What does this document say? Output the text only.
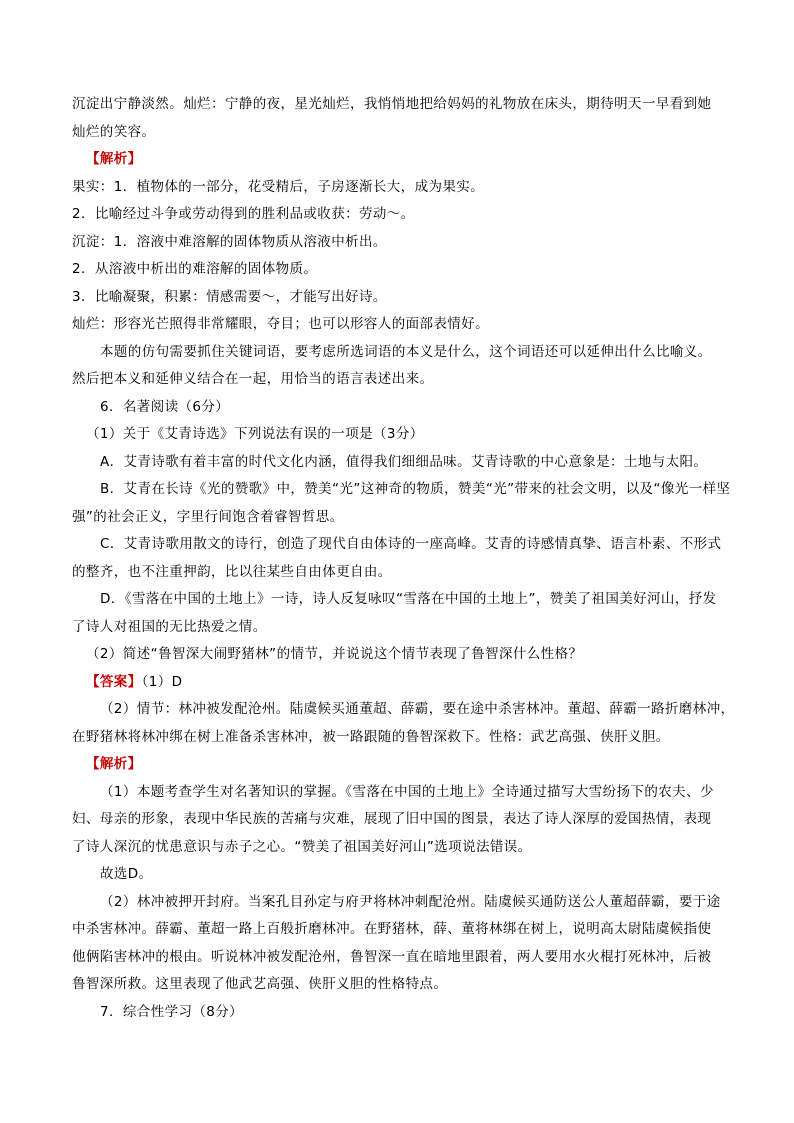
沉淀出宁静淡然。灿烂：宁静的夜，星光灿烂，我悄悄地把给妈妈的礼物放在床头，期待明天一早看到她

灿烂的笑容。

【解析】

果实：1．植物体的一部分，花受精后，子房逐渐长大，成为果实。

2．比喻经过斗争或劳动得到的胜利品或收获：劳动～。

沉淀：1．溶液中难溶解的固体物质从溶液中析出。

2．从溶液中析出的难溶解的固体物质。

3．比喻凝聚，积累：情感需要～，才能写出好诗。

灿烂：形容光芒照得非常耀眼，夺目；也可以形容人的面部表情好。

本题的仿句需要抓住关键词语，要考虑所选词语的本义是什么，这个词语还可以延伸出什么比喻义。

然后把本义和延伸义结合在一起，用恰当的语言表述出来。

6．名著阅读（6分）

（1）关于《艾青诗选》下列说法有误的一项是（3分）

A．艾青诗歌有着丰富的时代文化内涵，值得我们细细品味。艾青诗歌的中心意象是：土地与太阳。

B．艾青在长诗《光的赞歌》中，赞美“光”这神奇的物质，赞美“光”带来的社会文明，以及“像光一样坚

强”的社会正义，字里行间饱含着睿智哲思。

C．艾青诗歌用散文的诗行，创造了现代自由体诗的一座高峰。艾青的诗感情真挚、语言朴素、不形式

的整齐，也不注重押韵，比以往某些自由体更自由。

D．《雪落在中国的土地上》一诗，诗人反复咏叹“雪落在中国的土地上”，赞美了祖国美好河山，抒发

了诗人对祖国的无比热爱之情。

（2）简述“鲁智深大闹野猪林”的情节，并说说这个情节表现了鲁智深什么性格？

【答案】（1）D

（2）情节：林冲被发配沧州。陆虞候买通董超、薛霸，要在途中杀害林冲。董超、薛霸一路折磨林冲，

在野猪林将林冲绑在树上准备杀害林冲，被一路跟随的鲁智深救下。性格：武艺高强、侠肝义胆。

【解析】

（1）本题考查学生对名著知识的掌握。《雪落在中国的土地上》全诗通过描写大雪纷扬下的农夫、少

妇、母亲的形象，表现中华民族的苦痛与灾难，展现了旧中国的图景，表达了诗人深厚的爱国热情，表现

了诗人深沉的忧患意识与赤子之心。“赞美了祖国美好河山”选项说法错误。

故选D。

（2）林冲被押开封府。当案孔目孙定与府尹将林冲刺配沧州。陆虞候买通防送公人董超薛霸，要于途

中杀害林冲。薛霸、董超一路上百般折磨林冲。在野猪林，薛、董将林绑在树上，说明高太尉陆虞候指使

他俩陷害林冲的根由。听说林冲被发配沧州，鲁智深一直在暗地里跟着，两人要用水火棍打死林冲，后被

鲁智深所救。这里表现了他武艺高强、侠肝义胆的性格特点。

7．综合性学习（8分）
